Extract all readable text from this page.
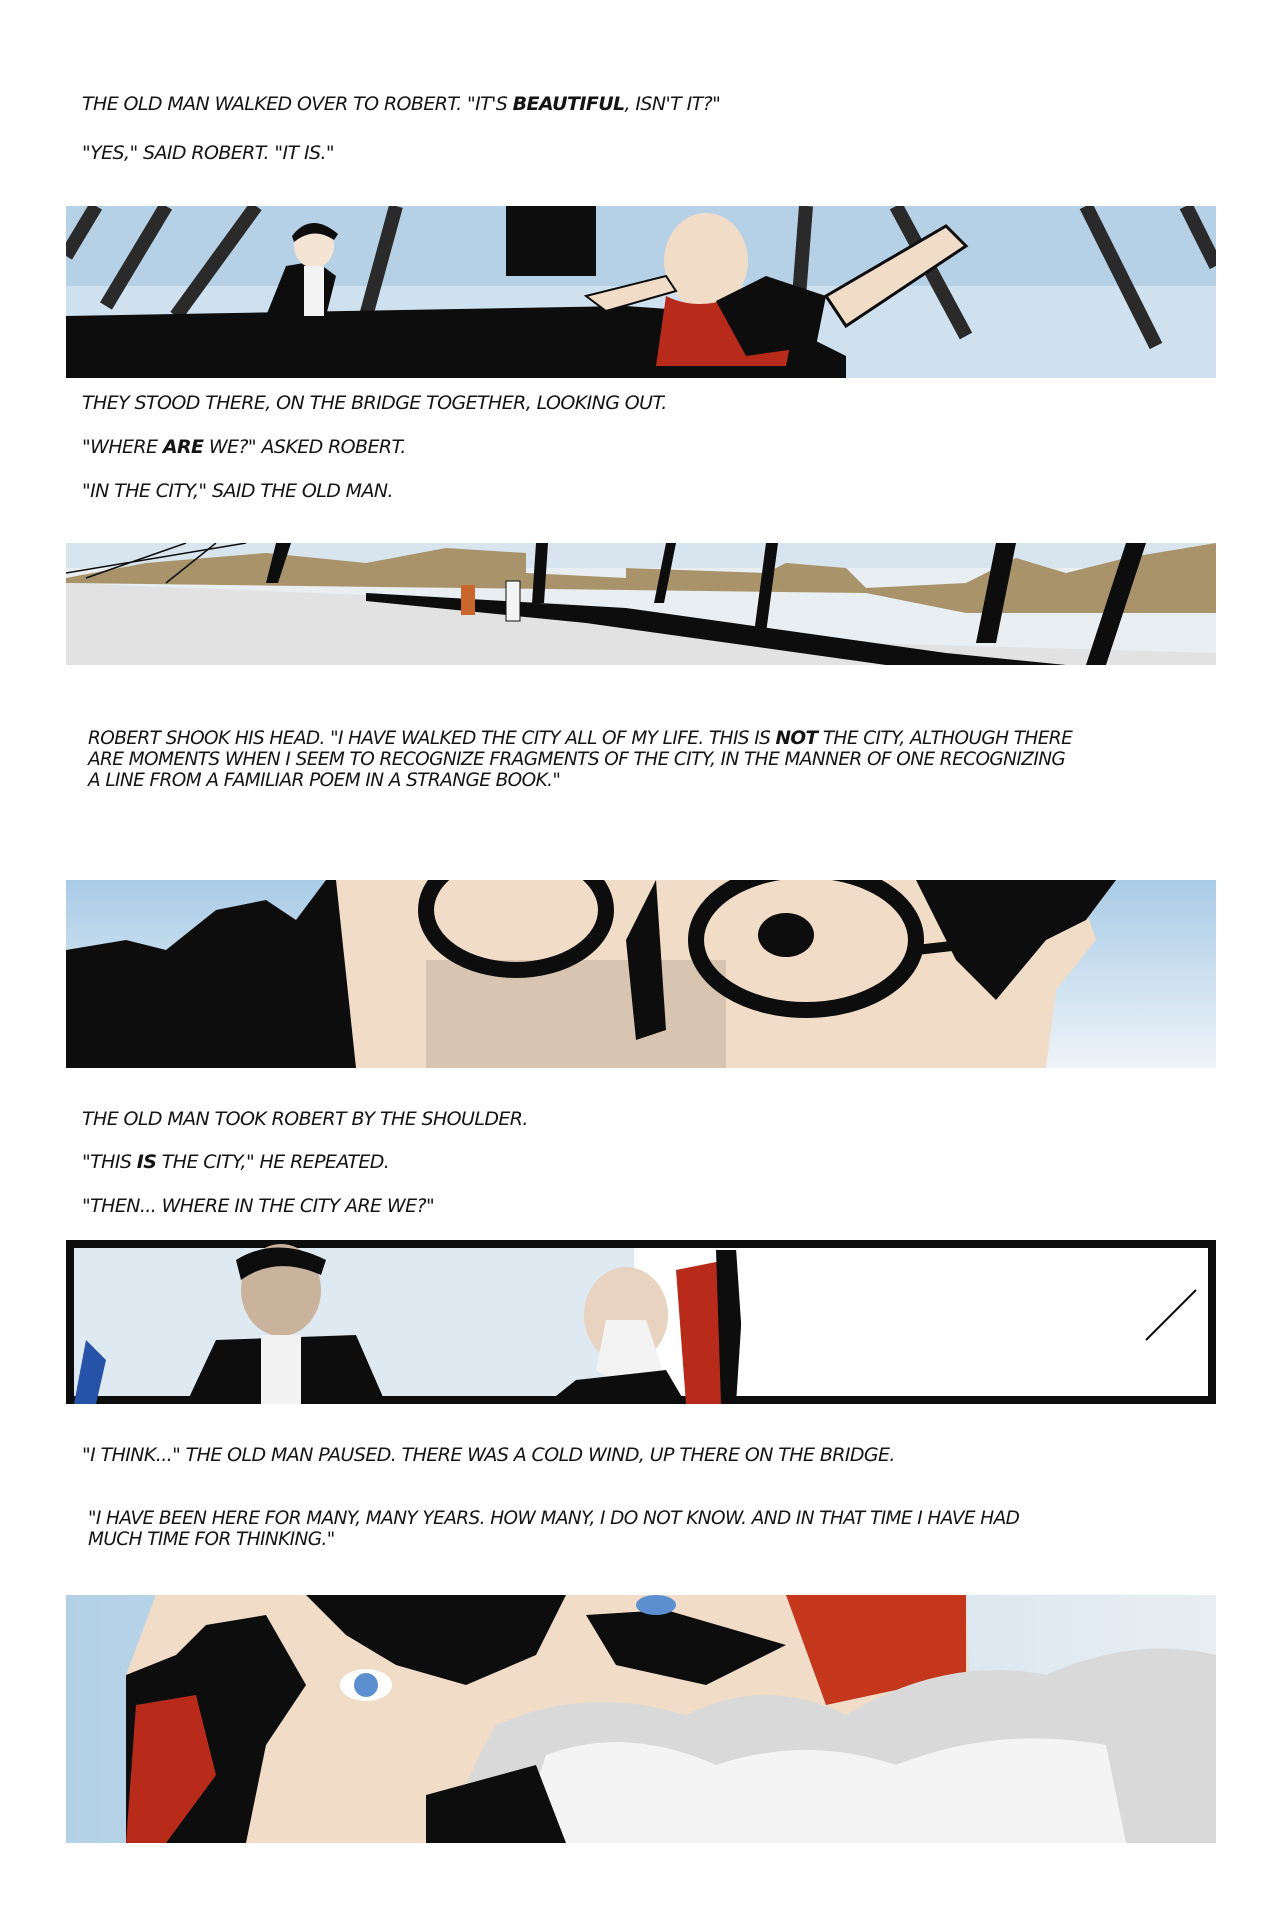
THE OLD MAN WALKED OVER TO ROBERT. "IT'S BEAUTIFUL, ISN'T IT?"
"YES," SAID ROBERT. "IT IS."
THEY STOOD THERE, ON THE BRIDGE TOGETHER, LOOKING OUT.
"WHERE ARE WE?" ASKED ROBERT.
"IN THE CITY," SAID THE OLD MAN.
ROBERT SHOOK HIS HEAD. "I HAVE WALKED THE CITY ALL OF MY LIFE. THIS IS NOT THE CITY, ALTHOUGH THERE
ARE MOMENTS WHEN I SEEM TO RECOGNIZE FRAGMENTS OF THE CITY, IN THE MANNER OF ONE RECOGNIZING
A LINE FROM A FAMILIAR POEM IN A STRANGE BOOK."
THE OLD MAN TOOK ROBERT BY THE SHOULDER.
"THIS IS THE CITY," HE REPEATED.
"THEN... WHERE IN THE CITY ARE WE?"
"I THINK..." THE OLD MAN PAUSED. THERE WAS A COLD WIND, UP THERE ON THE BRIDGE.
"I HAVE BEEN HERE FOR MANY, MANY YEARS. HOW MANY, I DO NOT KNOW. AND IN THAT TIME I HAVE HAD
MUCH TIME FOR THINKING."
